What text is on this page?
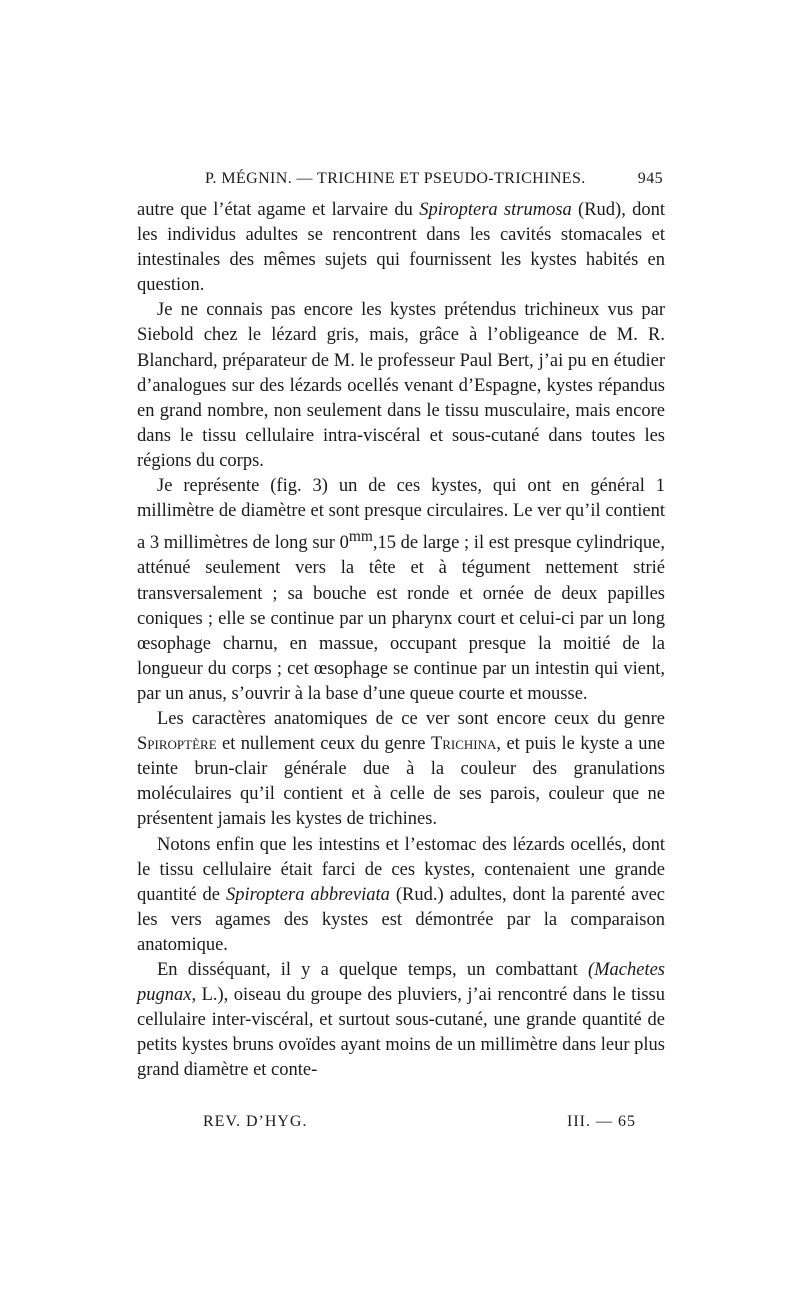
P. MÉGNIN. — TRICHINE ET PSEUDO-TRICHINES.	945

autre que l’état agame et larvaire du Spiroptera strumosa (Rud), dont les individus adultes se rencontrent dans les cavités stomacales et intestinales des mêmes sujets qui fournissent les kystes habités en question.

Je ne connais pas encore les kystes prétendus trichineux vus par Siebold chez le lézard gris, mais, grâce à l’obligeance de M. R. Blanchard, préparateur de M. le professeur Paul Bert, j’ai pu en étudier d’analogues sur des lézards ocellés venant d’Espagne, kystes répandus en grand nombre, non seulement dans le tissu musculaire, mais encore dans le tissu cellulaire intra-viscéral et sous-cutané dans toutes les régions du corps.

Je représente (fig. 3) un de ces kystes, qui ont en général 1 millimètre de diamètre et sont presque circulaires. Le ver qu’il contient a 3 millimètres de long sur $0^{mm},15$ de large ; il est presque cylindrique, atténué seulement vers la tête et à tégument nettement strié transversalement ; sa bouche est ronde et ornée de deux papilles coniques ; elle se continue par un pharynx court et celui-ci par un long œsophage charnu, en massue, occupant presque la moitié de la longueur du corps ; cet œsophage se continue par un intestin qui vient, par un anus, s’ouvrir à la base d’une queue courte et mousse.

Les caractères anatomiques de ce ver sont encore ceux du genre Spiroptère et nullement ceux du genre Trichina, et puis le kyste a une teinte brun-clair générale due à la couleur des granulations moléculaires qu’il contient et à celle de ses parois, couleur que ne présentent jamais les kystes de trichines.

Notons enfin que les intestins et l’estomac des lézards ocellés, dont le tissu cellulaire était farci de ces kystes, contenaient une grande quantité de Spiroptera abbreviata (Rud.) adultes, dont la parenté avec les vers agames des kystes est démontrée par la comparaison anatomique.

En disséquant, il y a quelque temps, un combattant (Machetes pugnax, L.), oiseau du groupe des pluviers, j’ai rencontré dans le tissu cellulaire inter-viscéral, et surtout sous-cutané, une grande quantité de petits kystes bruns ovoïdes ayant moins de un millimètre dans leur plus grand diamètre et conte-

REV. D’HYG.	III. — 65
